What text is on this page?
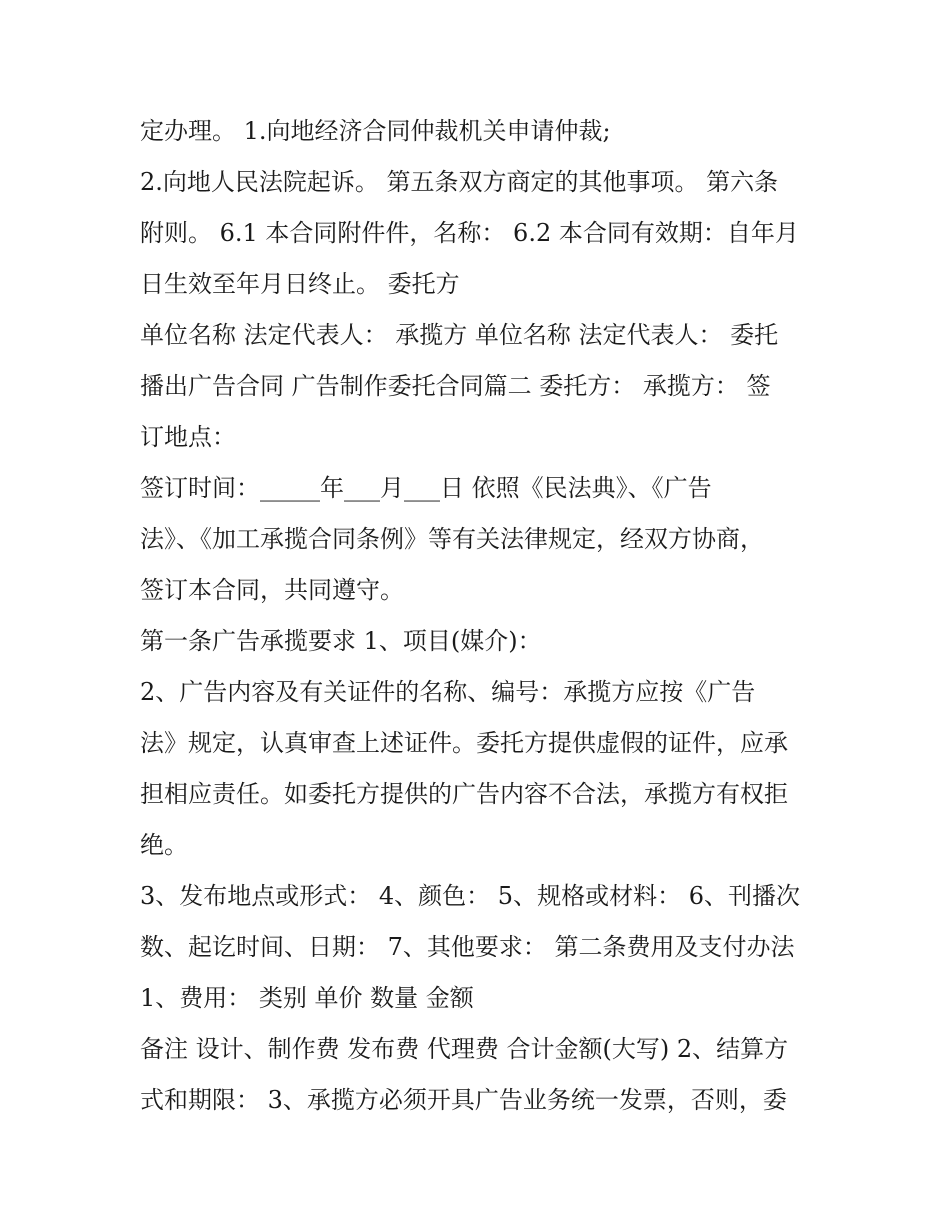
定办理。 1.向地经济合同仲裁机关申请仲裁;
2.向地人民法院起诉。 第五条双方商定的其他事项。 第六条
附则。 6.1 本合同附件件，名称： 6.2 本合同有效期：自年月
日生效至年月日终止。 委托方
单位名称 法定代表人： 承揽方 单位名称 法定代表人： 委托
播出广告合同 广告制作委托合同篇二 委托方： 承揽方： 签
订地点：
签订时间：_____年___月___日 依照《民法典》、《广告
法》、《加工承揽合同条例》等有关法律规定，经双方协商，
签订本合同，共同遵守。
第一条广告承揽要求 1、项目(媒介)：
2、广告内容及有关证件的名称、编号：承揽方应按《广告
法》规定，认真审查上述证件。委托方提供虚假的证件，应承
担相应责任。如委托方提供的广告内容不合法，承揽方有权拒
绝。
3、发布地点或形式： 4、颜色： 5、规格或材料： 6、刊播次
数、起讫时间、日期： 7、其他要求： 第二条费用及支付办法
1、费用： 类别 单价 数量 金额
备注 设计、制作费 发布费 代理费 合计金额(大写) 2、结算方
式和期限： 3、承揽方必须开具广告业务统一发票，否则，委
